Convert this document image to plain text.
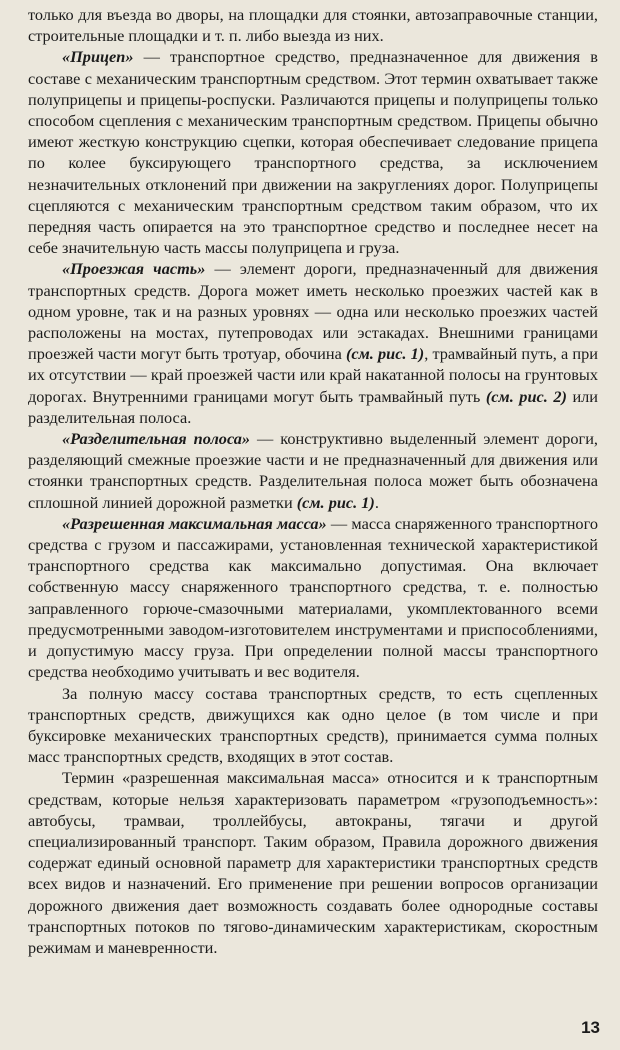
только для въезда во дворы, на площадки для стоянки, автозаправочные станции, строительные площадки и т. п. либо выезда из них.

«Прицеп» — транспортное средство, предназначенное для движения в составе с механическим транспортным средством. Этот термин охватывает также полуприцепы и прицепы-роспуски. Различаются прицепы и полуприцепы только способом сцепления с механическим транспортным средством. Прицепы обычно имеют жесткую конструкцию сцепки, которая обеспечивает следование прицепа по колее буксирующего транспортного средства, за исключением незначительных отклонений при движении на закруглениях дорог. Полуприцепы сцепляются с механическим транспортным средством таким образом, что их передняя часть опирается на это транспортное средство и последнее несет на себе значительную часть массы полуприцепа и груза.

«Проезжая часть» — элемент дороги, предназначенный для движения транспортных средств. Дорога может иметь несколько проезжих частей как в одном уровне, так и на разных уровнях — одна или несколько проезжих частей расположены на мостах, путепроводах или эстакадах. Внешними границами проезжей части могут быть тротуар, обочина (см. рис. 1), трамвайный путь, а при их отсутствии — край проезжей части или край накатанной полосы на грунтовых дорогах. Внутренними границами могут быть трамвайный путь (см. рис. 2) или разделительная полоса.

«Разделительная полоса» — конструктивно выделенный элемент дороги, разделяющий смежные проезжие части и не предназначенный для движения или стоянки транспортных средств. Разделительная полоса может быть обозначена сплошной линией дорожной разметки (см. рис. 1).

«Разрешенная максимальная масса» — масса снаряженного транспортного средства с грузом и пассажирами, установленная технической характеристикой транспортного средства как максимально допустимая. Она включает собственную массу снаряженного транспортного средства, т. е. полностью заправленного горюче-смазочными материалами, укомплектованного всеми предусмотренными заводом-изготовителем инструментами и приспособлениями, и допустимую массу груза. При определении полной массы транспортного средства необходимо учитывать и вес водителя.

За полную массу состава транспортных средств, то есть сцепленных транспортных средств, движущихся как одно целое (в том числе и при буксировке механических транспортных средств), принимается сумма полных масс транспортных средств, входящих в этот состав.

Термин «разрешенная максимальная масса» относится и к транспортным средствам, которые нельзя характеризовать параметром «грузоподъемность»: автобусы, трамваи, троллейбусы, автокраны, тягачи и другой специализированный транспорт. Таким образом, Правила дорожного движения содержат единый основной параметр для характеристики транспортных средств всех видов и назначений. Его применение при решении вопросов организации дорожного движения дает возможность создавать более однородные составы транспортных потоков по тягово-динамическим характеристикам, скоростным режимам и маневренности.

13
